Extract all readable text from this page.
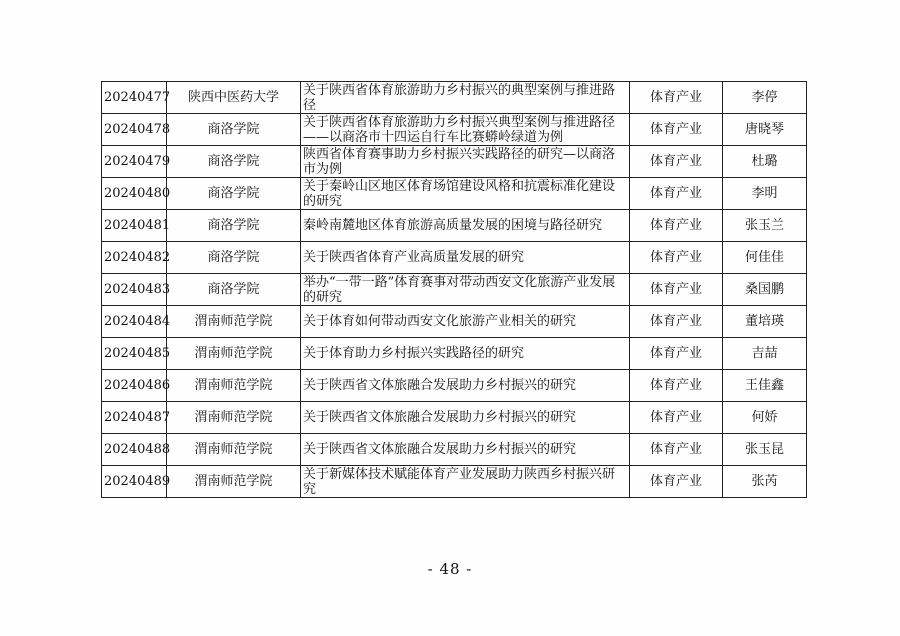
20240477	陕西中医药大学	关于陕西省体育旅游助力乡村振兴的典型案例与推进路径	体育产业	李停
20240478	商洛学院	关于陕西省体育旅游助力乡村振兴典型案例与推进路径——以商洛市十四运自行车比赛蟒岭绿道为例	体育产业	唐晓琴
20240479	商洛学院	陕西省体育赛事助力乡村振兴实践路径的研究—以商洛市为例	体育产业	杜璐
20240480	商洛学院	关于秦岭山区地区体育场馆建设风格和抗震标准化建设的研究	体育产业	李明
20240481	商洛学院	秦岭南麓地区体育旅游高质量发展的困境与路径研究	体育产业	张玉兰
20240482	商洛学院	关于陕西省体育产业高质量发展的研究	体育产业	何佳佳
20240483	商洛学院	举办“一带一路”体育赛事对带动西安文化旅游产业发展的研究	体育产业	桑国鹏
20240484	渭南师范学院	关于体育如何带动西安文化旅游产业相关的研究	体育产业	董培瑛
20240485	渭南师范学院	关于体育助力乡村振兴实践路径的研究	体育产业	吉喆
20240486	渭南师范学院	关于陕西省文体旅融合发展助力乡村振兴的研究	体育产业	王佳鑫
20240487	渭南师范学院	关于陕西省文体旅融合发展助力乡村振兴的研究	体育产业	何娇
20240488	渭南师范学院	关于陕西省文体旅融合发展助力乡村振兴的研究	体育产业	张玉昆
20240489	渭南师范学院	关于新媒体技术赋能体育产业发展助力陕西乡村振兴研究	体育产业	张芮
- 48 -
